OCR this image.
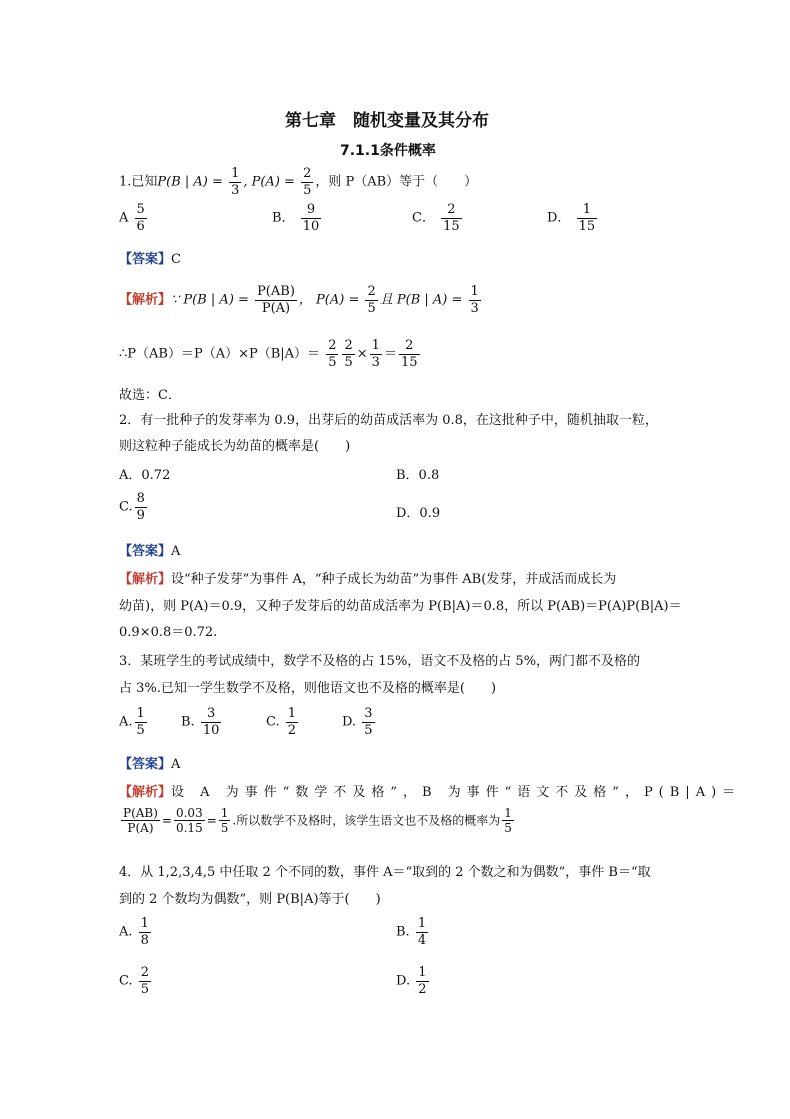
第七章　随机变量及其分布
7.1.1条件概率
1.已知P(B | $A) = \frac{1}{3}$ , $P(A) = \frac{2}{5}$ ，则 P（AB）等于（　　）
A $\frac{5}{6}$	B． $\frac{9}{10}$	C． $\frac{2}{15}$	D． $\frac{1}{15}$
【答案】C
【解析】∵ P(B | $A) = \frac{P(AB)}{P(A)}$ ， $P(A) = \frac{2}{5}$ 且 P(B | $A) = \frac{1}{3}$
∴P（AB）＝P（A）×P（B|A）＝ $\frac{2}{5} \frac{2}{5} \times \frac{1}{3} = \frac{2}{15}$
故选：C．
2．有一批种子的发芽率为 0.9，出芽后的幼苗成活率为 0.8，在这批种子中，随机抽取一粒，
则这粒种子能成长为幼苗的概率是(　　)
A．0.72	B．0.8
C. $\frac{8}{9}$	D．0.9
【答案】A
【解析】设“种子发芽”为事件 A，“种子成长为幼苗”为事件 AB(发芽，并成活而成长为
幼苗)，则 P(A)＝0.9，又种子发芽后的幼苗成活率为 P(B|A)＝0.8，所以 P(AB)＝P(A)P(B|A)＝
0.9×0.8＝0.72.
3．某班学生的考试成绩中，数学不及格的占 15%，语文不及格的占 5%，两门都不及格的
占 3%.已知一学生数学不及格，则他语文也不及格的概率是(　　)
A. $\frac{1}{5}$	B. $\frac{3}{10}$	C. $\frac{1}{2}$	D. $\frac{3}{5}$
【答案】A
【解析】设 A 为事件“数学不及格”，B 为事件“语文不及格”，P(B|A)＝
$\frac{P(AB)}{P(A)} = \frac{0.03}{0.15} = \frac{1}{5}$ .所以数学不及格时，该学生语文也不及格的概率为 $\frac{1}{5}$
4．从 1,2,3,4,5 中任取 2 个不同的数，事件 A＝“取到的 2 个数之和为偶数”，事件 B＝“取
到的 2 个数均为偶数”，则 P(B|A)等于(　　)
A. $\frac{1}{8}$	B. $\frac{1}{4}$
C. $\frac{2}{5}$	D. $\frac{1}{2}$
